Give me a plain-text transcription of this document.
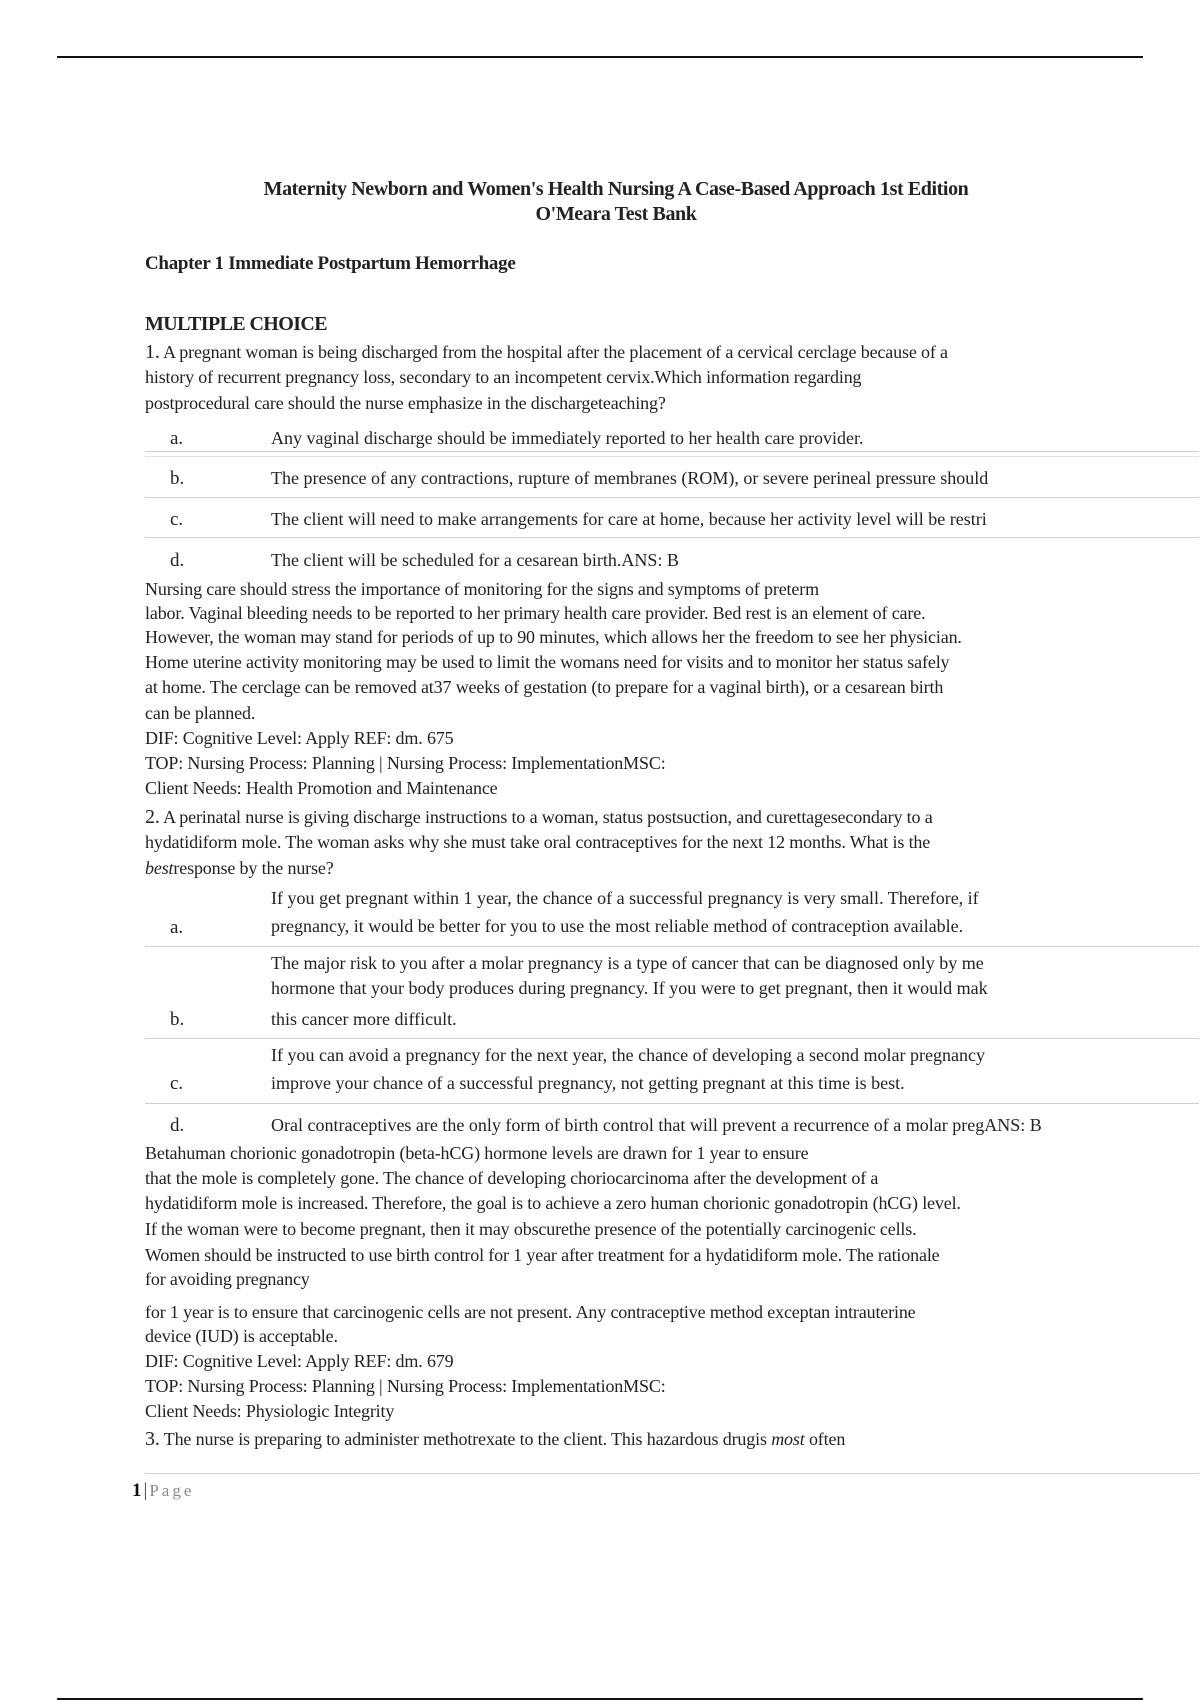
Maternity Newborn and Women's Health Nursing A Case-Based Approach 1st Edition
O'Meara Test Bank
Chapter 1 Immediate Postpartum Hemorrhage
MULTIPLE CHOICE
1. A pregnant woman is being discharged from the hospital after the placement of a cervical cerclage because of a
history of recurrent pregnancy loss, secondary to an incompetent cervix.Which information regarding
postprocedural care should the nurse emphasize in the dischargeteaching?
a.	Any vaginal discharge should be immediately reported to her health care provider.
b.	The presence of any contractions, rupture of membranes (ROM), or severe perineal pressure should
c.	The client will need to make arrangements for care at home, because her activity level will be restri
d.	The client will be scheduled for a cesarean birth.ANS: B
Nursing care should stress the importance of monitoring for the signs and symptoms of preterm
labor. Vaginal bleeding needs to be reported to her primary health care provider. Bed rest is an element of care.
However, the woman may stand for periods of up to 90 minutes, which allows her the freedom to see her physician.
Home uterine activity monitoring may be used to limit the womans need for visits and to monitor her status safely
at home. The cerclage can be removed at37 weeks of gestation (to prepare for a vaginal birth), or a cesarean birth
can be planned.
DIF: Cognitive Level: Apply REF: dm. 675
TOP: Nursing Process: Planning | Nursing Process: ImplementationMSC:
Client Needs: Health Promotion and Maintenance
2. A perinatal nurse is giving discharge instructions to a woman, status postsuction, and curettagesecondary to a
hydatidiform mole. The woman asks why she must take oral contraceptives for the next 12 months. What is the
bestresponse by the nurse?
a.
If you get pregnant within 1 year, the chance of a successful pregnancy is very small. Therefore, if
pregnancy, it would be better for you to use the most reliable method of contraception available.
b.
The major risk to you after a molar pregnancy is a type of cancer that can be diagnosed only by me
hormone that your body produces during pregnancy. If you were to get pregnant, then it would mak
this cancer more difficult.
c.
If you can avoid a pregnancy for the next year, the chance of developing a second molar pregnancy
improve your chance of a successful pregnancy, not getting pregnant at this time is best.
d.	Oral contraceptives are the only form of birth control that will prevent a recurrence of a molar pregANS: B
Betahuman chorionic gonadotropin (beta-hCG) hormone levels are drawn for 1 year to ensure
that the mole is completely gone. The chance of developing choriocarcinoma after the development of a
hydatidiform mole is increased. Therefore, the goal is to achieve a zero human chorionic gonadotropin (hCG) level.
If the woman were to become pregnant, then it may obscurethe presence of the potentially carcinogenic cells.
Women should be instructed to use birth control for 1 year after treatment for a hydatidiform mole. The rationale
for avoiding pregnancy
for 1 year is to ensure that carcinogenic cells are not present. Any contraceptive method exceptan intrauterine
device (IUD) is acceptable.
DIF: Cognitive Level: Apply REF: dm. 679
TOP: Nursing Process: Planning | Nursing Process: ImplementationMSC:
Client Needs: Physiologic Integrity
3. The nurse is preparing to administer methotrexate to the client. This hazardous drugis most often
1 | Page
